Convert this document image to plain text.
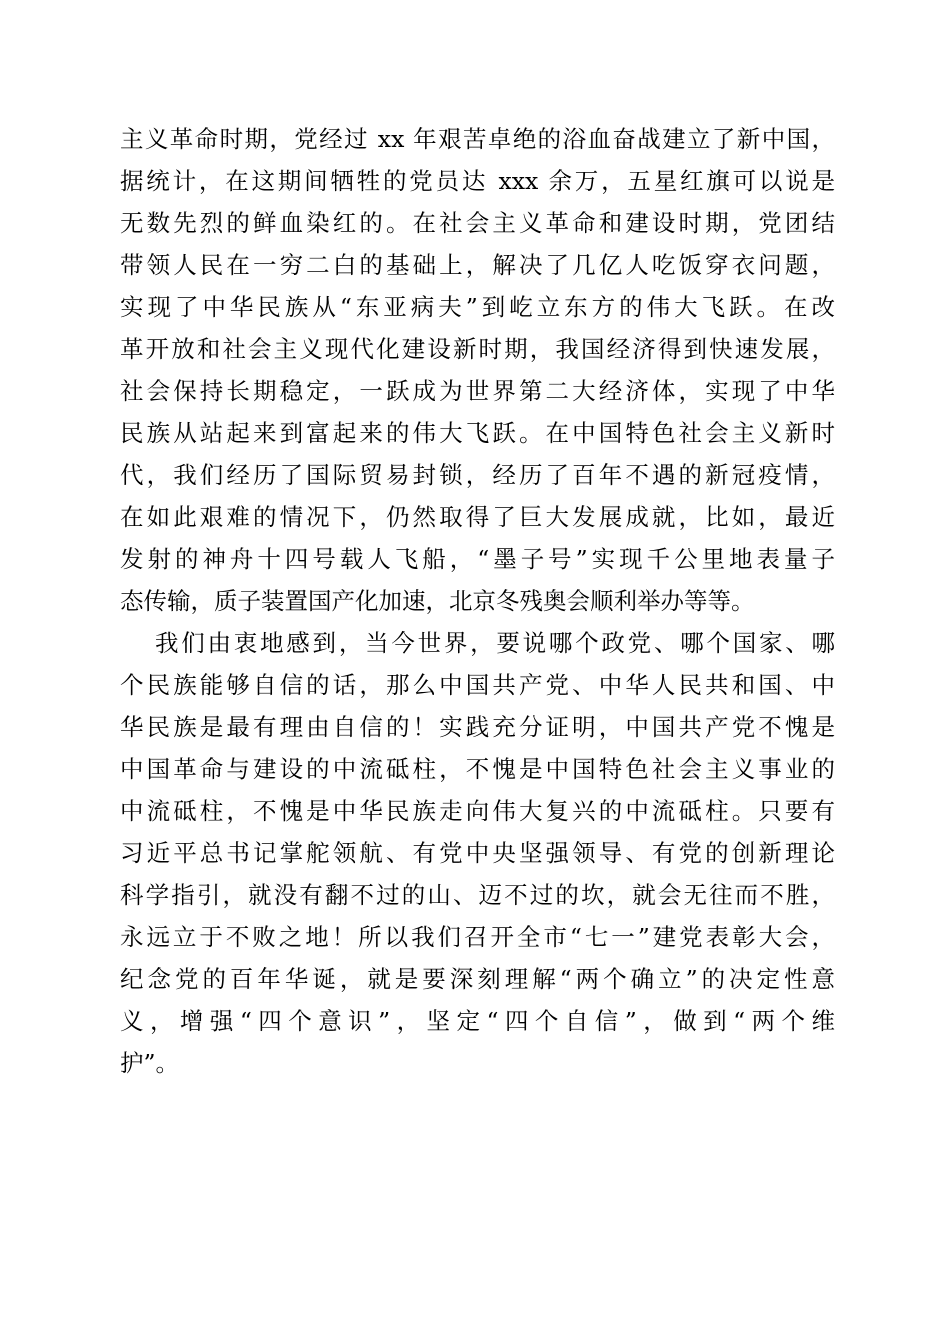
主义革命时期，党经过 xx 年艰苦卓绝的浴血奋战建立了新中国，
据统计，在这期间牺牲的党员达 xxx 余万，五星红旗可以说是
无数先烈的鲜血染红的。在社会主义革命和建设时期，党团结
带领人民在一穷二白的基础上，解决了几亿人吃饭穿衣问题，
实现了中华民族从“东亚病夫”到屹立东方的伟大飞跃。在改
革开放和社会主义现代化建设新时期，我国经济得到快速发展，
社会保持长期稳定，一跃成为世界第二大经济体，实现了中华
民族从站起来到富起来的伟大飞跃。在中国特色社会主义新时
代，我们经历了国际贸易封锁，经历了百年不遇的新冠疫情，
在如此艰难的情况下，仍然取得了巨大发展成就，比如，最近
发射的神舟十四号载人飞船，“墨子号”实现千公里地表量子
态传输，质子装置国产化加速，北京冬残奥会顺利举办等等。
我们由衷地感到，当今世界，要说哪个政党、哪个国家、哪
个民族能够自信的话，那么中国共产党、中华人民共和国、中
华民族是最有理由自信的！实践充分证明，中国共产党不愧是
中国革命与建设的中流砥柱，不愧是中国特色社会主义事业的
中流砥柱，不愧是中华民族走向伟大复兴的中流砥柱。只要有
习近平总书记掌舵领航、有党中央坚强领导、有党的创新理论
科学指引，就没有翻不过的山、迈不过的坎，就会无往而不胜，
永远立于不败之地！所以我们召开全市“七一”建党表彰大会，
纪念党的百年华诞，就是要深刻理解“两个确立”的决定性意
义，增强“四个意识”，坚定“四个自信”，做到“两个维
护”。
